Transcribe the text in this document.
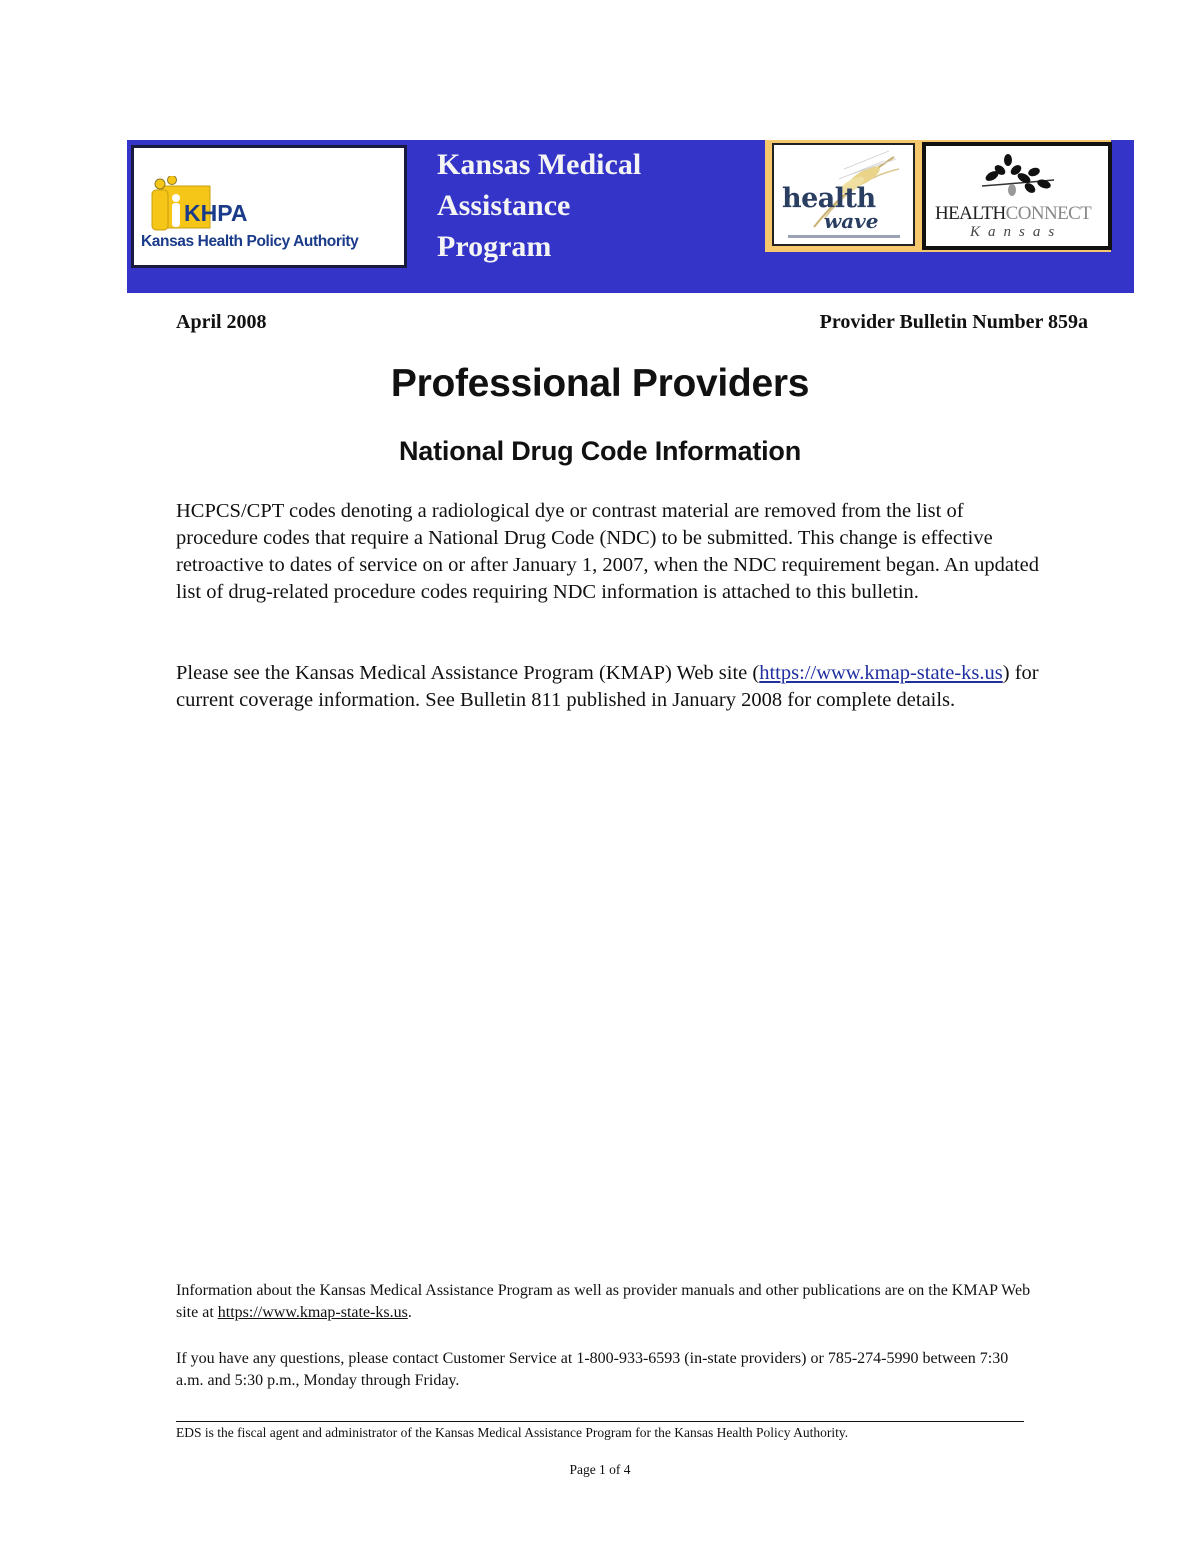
KHPA
Kansas Health Policy Authority
Kansas Medical
Assistance
Program
health
wave	HEALTHCONNECT
Kansas
April 2008	Provider Bulletin Number 859a
Professional Providers
National Drug Code Information

HCPCS/CPT codes denoting a radiological dye or contrast material are removed from the list of procedure codes that require a National Drug Code (NDC) to be submitted. This change is effective retroactive to dates of service on or after January 1, 2007, when the NDC requirement began. An updated list of drug-related procedure codes requiring NDC information is attached to this bulletin.

Please see the Kansas Medical Assistance Program (KMAP) Web site (https://www.kmap-state-ks.us) for current coverage information. See Bulletin 811 published in January 2008 for complete details.

Information about the Kansas Medical Assistance Program as well as provider manuals and other publications are on the KMAP Web site at https://www.kmap-state-ks.us.

If you have any questions, please contact Customer Service at 1-800-933-6593 (in-state providers) or 785-274-5990 between 7:30 a.m. and 5:30 p.m., Monday through Friday.

EDS is the fiscal agent and administrator of the Kansas Medical Assistance Program for the Kansas Health Policy Authority.
Page 1 of 4
